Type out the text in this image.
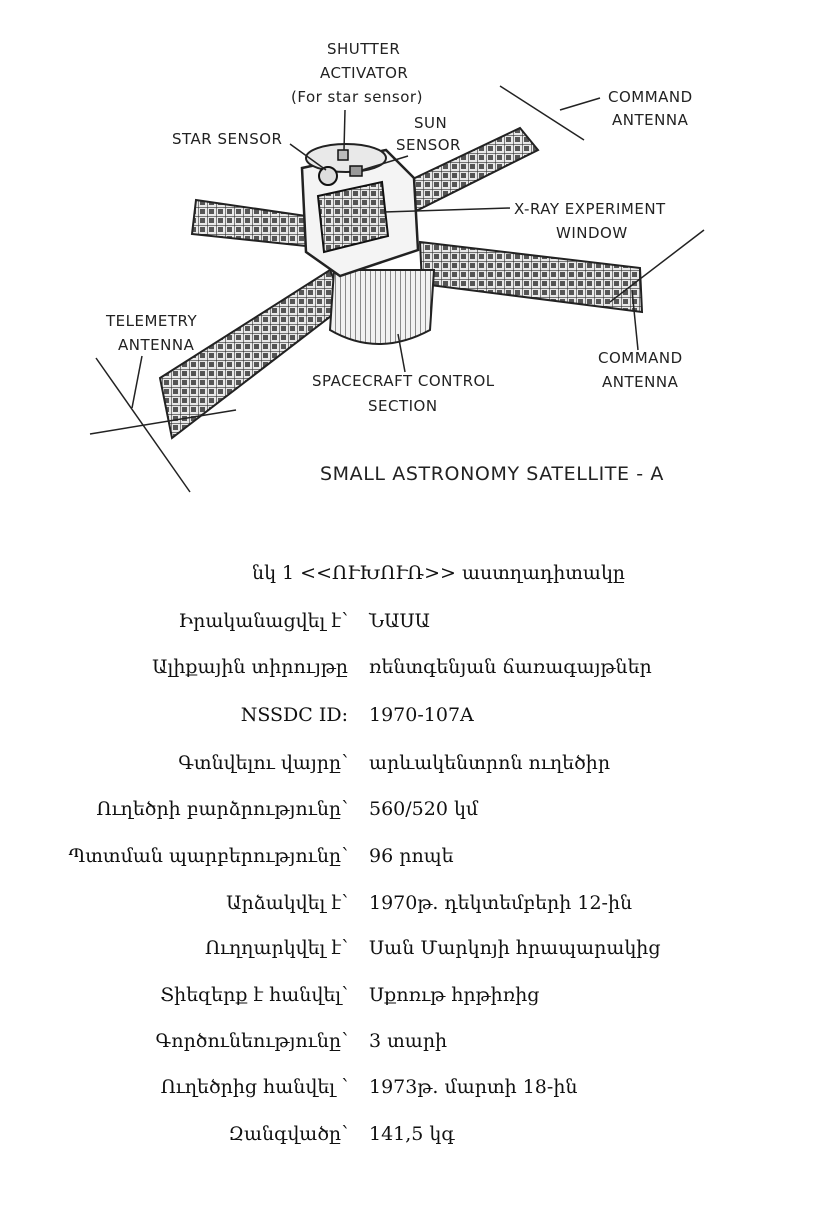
SHUTTER
ACTIVATOR
(For star sensor)
STAR SENSOR
SUN
SENSOR
COMMAND
ANTENNA
X-RAY EXPERIMENT
WINDOW
TELEMETRY
ANTENNA
SPACECRAFT CONTROL
SECTION
COMMAND
ANTENNA
SMALL ASTRONOMY SATELLITE - A
նկ 1 <<ՈՒԽՈՒՌ>> աստղադիտակը
Իրականացվել է՝ ՆԱՍԱ
Ալիքային տիրույթը ռենտգենյան ճառագայթներ
NSSDC ID: 1970-107A
Գտնվելու վայրը՝ արևակենտրոն ուղեծիր
Ուղեծրի բարձրությունը՝ 560/520 կմ
Պտտման պարբերությունը՝ 96 րոպե
Արձակվել է՝ 1970թ. դեկտեմբերի 12-ին
Ուղղարկվել է՝ Սան Մարկոյի հրապարակից
Տիեզերք է հանվել՝ Սքոռւթ հրթիռից
Գործունեությունը՝ 3 տարի
Ուղեծրից հանվել ՝ 1973թ. մարտի 18-ին
Զանգվածը՝ 141,5 կգ
